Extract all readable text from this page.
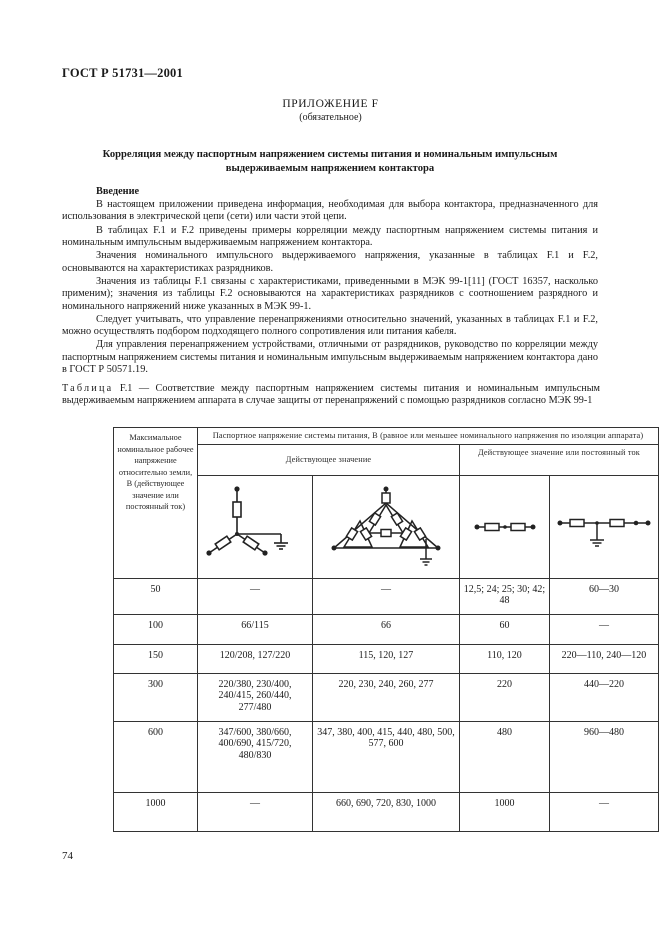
ГОСТ Р 51731—2001
ПРИЛОЖЕНИЕ F
(обязательное)
Корреляция между паспортным напряжением системы питания и номинальным импульсным
выдерживаемым напряжением контактора
Введение

В настоящем приложении приведена информация, необходимая для выбора контактора, предназначенного для использования в электрической цепи (сети) или части этой цепи.

В таблицах F.1 и F.2 приведены примеры корреляции между паспортным напряжением системы питания и номинальным импульсным выдерживаемым напряжением контактора.

Значения номинального импульсного выдерживаемого напряжения, указанные в таблицах F.1 и F.2, основываются на характеристиках разрядников.

Значения из таблицы F.1 связаны с характеристиками, приведенными в МЭК 99-1[11] (ГОСТ 16357, насколько применим); значения из таблицы F.2 основываются на характеристиках разрядников с соотношением разрядного и номинального напряжений ниже указанных в МЭК 99-1.

Следует учитывать, что управление перенапряжениями относительно значений, указанных в таблицах F.1 и F.2, можно осуществлять подбором подходящего полного сопротивления или питания кабеля.

Для управления перенапряжением устройствами, отличными от разрядников, руководство по корреляции между паспортным напряжением системы питания и номинальным импульсным выдерживаемым напряжением контактора дано в ГОСТ Р 50571.19.

Таблица F.1 — Соответствие между паспортным напряжением системы питания и номинальным импульсным выдерживаемым напряжением аппарата в случае защиты от перенапряжений с помощью разрядников согласно МЭК 99-1
Максимальное номинальное рабочее напряжение относительно земли, В (действующее значение или постоянный ток)	Паспортное напряжение системы питания, В (равное или меньшее номинального напряжения по изоляции аппарата)			
	Действующее значение		Действующее значение или постоянный ток	

50	—	—	12,5; 24; 25; 30; 42; 48	60—30
100	66/115	66	60	—
150	120/208, 127/220	115, 120, 127	110, 120	220—110, 240—120
300	220/380, 230/400, 240/415, 260/440, 277/480	220, 230, 240, 260, 277	220	440—220
600	347/600, 380/660, 400/690, 415/720, 480/830	347, 380, 400, 415, 440, 480, 500, 577, 600	480	960—480
1000	—	660, 690, 720, 830, 1000	1000	—
74
